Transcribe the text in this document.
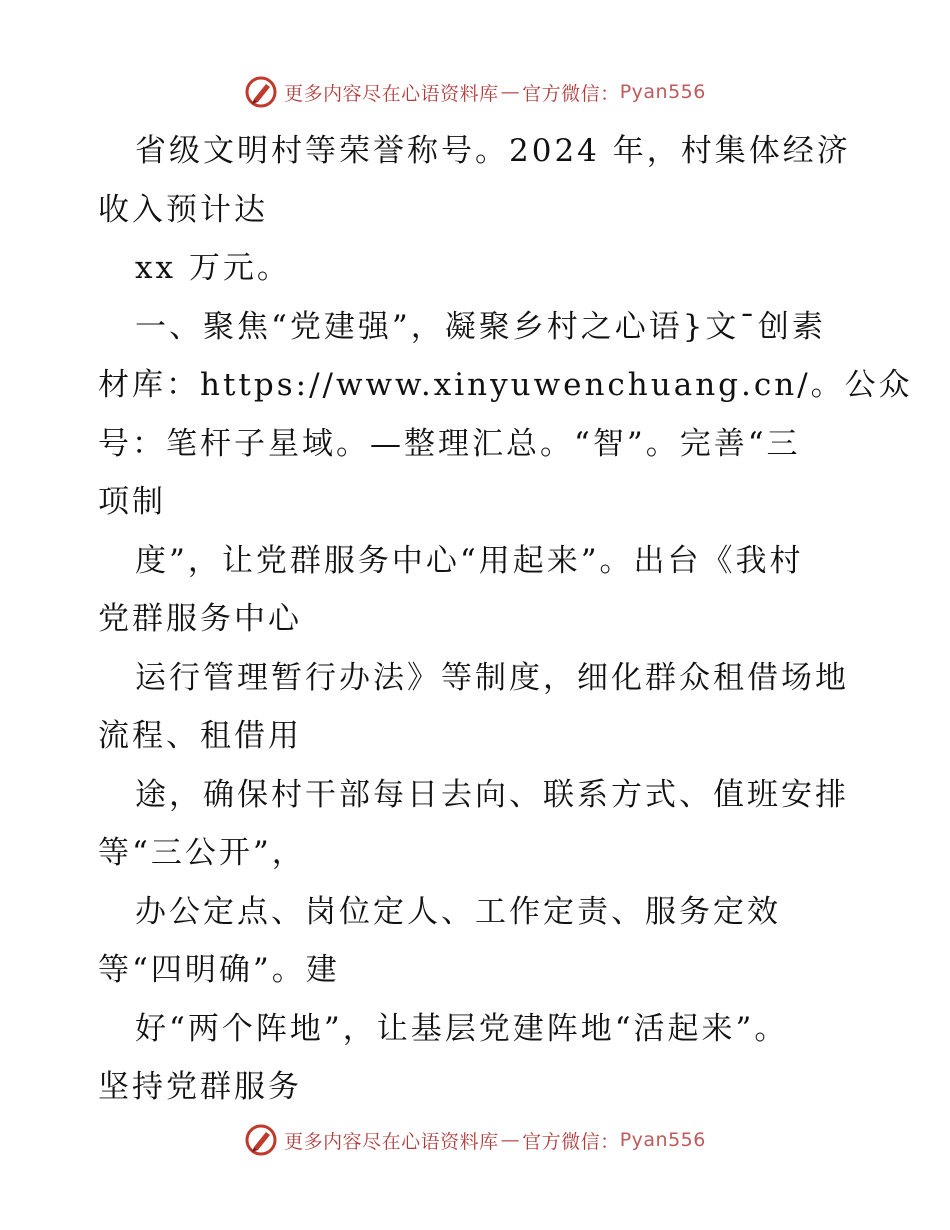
更多内容尽在心语资料库 — 官方微信： Pyan556
省级文明村等荣誉称号。2024 年，村集体经济
收入预计达
xx 万元。
一、聚焦“党建强”，凝聚乡村之心语}文¯创素
材库：https://www.xinyuwenchuang.cn/。公众
号：笔杆子星域。—整理汇总。“智”。完善“三
项制
度”，让党群服务中心“用起来”。出台《我村
党群服务中心
运行管理暂行办法》等制度，细化群众租借场地
流程、租借用
途，确保村干部每日去向、联系方式、值班安排
等“三公开”，
办公定点、岗位定人、工作定责、服务定效
等“四明确”。建
好“两个阵地”，让基层党建阵地“活起来”。
坚持党群服务
更多内容尽在心语资料库 — 官方微信： Pyan556
